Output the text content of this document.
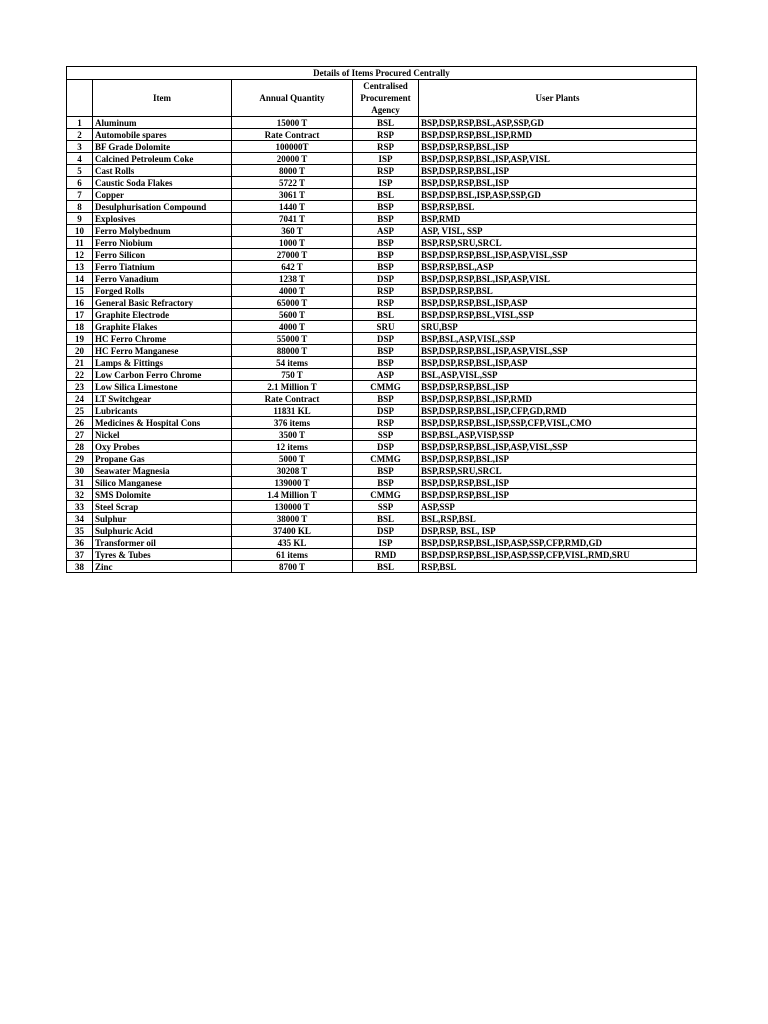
Details of Items Procured Centrally				
	Item	Annual Quantity	Centralised Procurement Agency	User Plants
1	Aluminum	15000 T	BSL	BSP,DSP,RSP,BSL,ASP,SSP,GD
2	Automobile spares	Rate Contract	RSP	BSP,DSP,RSP,BSL,ISP,RMD
3	BF Grade Dolomite	100000T	RSP	BSP,DSP,RSP,BSL,ISP
4	Calcined Petroleum Coke	20000 T	ISP	BSP,DSP,RSP,BSL,ISP,ASP,VISL
5	Cast Rolls	8000 T	RSP	BSP,DSP,RSP,BSL,ISP
6	Caustic Soda Flakes	5722 T	ISP	BSP,DSP,RSP,BSL,ISP
7	Copper	3061 T	BSL	BSP,DSP,BSL,ISP,ASP,SSP,GD
8	Desulphurisation Compound	1440 T	BSP	BSP,RSP,BSL
9	Explosives	7041 T	BSP	BSP,RMD
10	Ferro Molybednum	360 T	ASP	ASP, VISL, SSP
11	Ferro Niobium	1000 T	BSP	BSP,RSP,SRU,SRCL
12	Ferro Silicon	27000 T	BSP	BSP,DSP,RSP,BSL,ISP,ASP,VISL,SSP
13	Ferro Tiatnium	642 T	BSP	BSP,RSP,BSL,ASP
14	Ferro Vanadium	1238 T	DSP	BSP,DSP,RSP,BSL,ISP,ASP,VISL
15	Forged Rolls	4000 T	RSP	BSP,DSP,RSP,BSL
16	General Basic Refractory	65000 T	RSP	BSP,DSP,RSP,BSL,ISP,ASP
17	Graphite Electrode	5600 T	BSL	BSP,DSP,RSP,BSL,VISL,SSP
18	Graphite Flakes	4000 T	SRU	SRU,BSP
19	HC Ferro Chrome	55000 T	DSP	BSP,BSL,ASP,VISL,SSP
20	HC Ferro Manganese	88000 T	BSP	BSP,DSP,RSP,BSL,ISP,ASP,VISL,SSP
21	Lamps & Fittings	54 items	BSP	BSP,DSP,RSP,BSL,ISP,ASP
22	Low Carbon Ferro Chrome	750 T	ASP	BSL,ASP,VISL,SSP
23	Low Silica Limestone	2.1 Million T	CMMG	BSP,DSP,RSP,BSL,ISP
24	LT Switchgear	Rate Contract	BSP	BSP,DSP,RSP,BSL,ISP,RMD
25	Lubricants	11831 KL	DSP	BSP,DSP,RSP,BSL,ISP,CFP,GD,RMD
26	Medicines & Hospital Cons	376 items	RSP	BSP,DSP,RSP,BSL,ISP,SSP,CFP,VISL,CMO
27	Nickel	3500 T	SSP	BSP,BSL,ASP,VISP,SSP
28	Oxy Probes	12 items	DSP	BSP,DSP,RSP,BSL,ISP,ASP,VISL,SSP
29	Propane Gas	5000 T	CMMG	BSP,DSP,RSP,BSL,ISP
30	Seawater Magnesia	30208 T	BSP	BSP,RSP,SRU,SRCL
31	Silico Manganese	139000 T	BSP	BSP,DSP,RSP,BSL,ISP
32	SMS Dolomite	1.4 Million T	CMMG	BSP,DSP,RSP,BSL,ISP
33	Steel Scrap	130000 T	SSP	ASP,SSP
34	Sulphur	38000 T	BSL	BSL,RSP,BSL
35	Sulphuric Acid	37400 KL	DSP	DSP,RSP, BSL, ISP
36	Transformer oil	435 KL	ISP	BSP,DSP,RSP,BSL,ISP,ASP,SSP,CFP,RMD,GD
37	Tyres & Tubes	61 items	RMD	BSP,DSP,RSP,BSL,ISP,ASP,SSP,CFP,VISL,RMD,SRU
38	Zinc	8700 T	BSL	RSP,BSL
